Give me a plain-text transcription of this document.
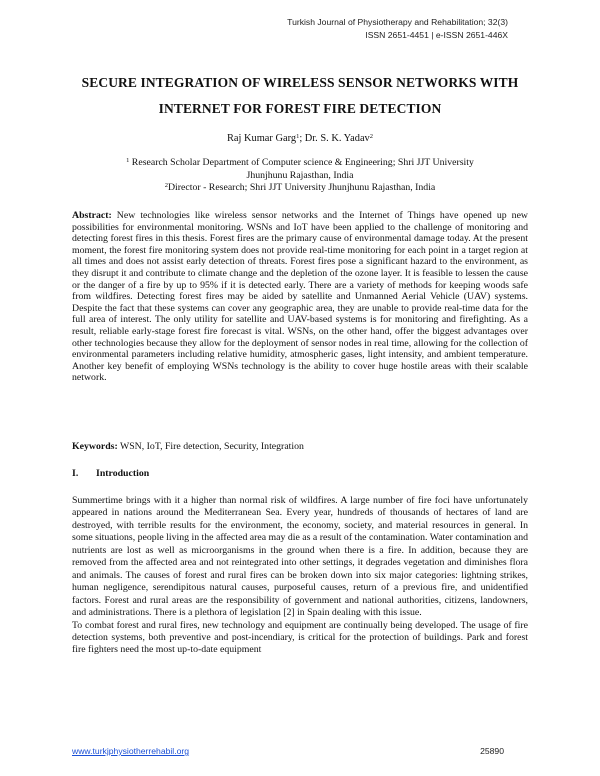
Turkish Journal of Physiotherapy and Rehabilitation; 32(3)
ISSN 2651-4451 | e-ISSN 2651-446X
SECURE INTEGRATION OF WIRELESS SENSOR NETWORKS WITH
INTERNET FOR FOREST FIRE DETECTION
Raj Kumar Garg$^1$; Dr. S. K. Yadav$^2$
$^1$ Research Scholar Department of Computer science & Engineering; Shri JJT University
Jhunjhunu Rajasthan, India
$^2$Director - Research; Shri JJT University Jhunjhunu Rajasthan, India
Abstract: New technologies like wireless sensor networks and the Internet of Things have opened up new possibilities for environmental monitoring. WSNs and IoT have been applied to the challenge of monitoring and detecting forest fires in this thesis. Forest fires are the primary cause of environmental damage today. At the present moment, the forest fire monitoring system does not provide real-time monitoring for each point in a target region at all times and does not assist early detection of threats. Forest fires pose a significant hazard to the environment, as they disrupt it and contribute to climate change and the depletion of the ozone layer. It is feasible to lessen the cause or the danger of a fire by up to 95% if it is detected early. There are a variety of methods for keeping woods safe from wildfires. Detecting forest fires may be aided by satellite and Unmanned Aerial Vehicle (UAV) systems. Despite the fact that these systems can cover any geographic area, they are unable to provide real-time data for the full area of interest. The only utility for satellite and UAV-based systems is for monitoring and firefighting. As a result, reliable early-stage forest fire forecast is vital. WSNs, on the other hand, offer the biggest advantages over other technologies because they allow for the deployment of sensor nodes in real time, allowing for the collection of environmental parameters including relative humidity, atmospheric gases, light intensity, and ambient temperature. Another key benefit of employing WSNs technology is the ability to cover huge hostile areas with their scalable network.
Keywords: WSN, IoT, Fire detection, Security, Integration
I. Introduction

Summertime brings with it a higher than normal risk of wildfires. A large number of fire foci have unfortunately appeared in nations around the Mediterranean Sea. Every year, hundreds of thousands of hectares of land are destroyed, with terrible results for the environment, the economy, society, and material resources in general. In some situations, people living in the affected area may die as a result of the contamination. Water contamination and nutrients are lost as well as microorganisms in the ground when there is a fire. In addition, because they are removed from the affected area and not reintegrated into other settings, it degrades vegetation and diminishes flora and animals. The causes of forest and rural fires can be broken down into six major categories: lightning strikes, human negligence, serendipitous natural causes, purposeful causes, return of a previous fire, and unidentified factors. Forest and rural areas are the responsibility of government and national authorities, citizens, landowners, and administrations. There is a plethora of legislation [2] in Spain dealing with this issue.

To combat forest and rural fires, new technology and equipment are continually being developed. The usage of fire detection systems, both preventive and post-incendiary, is critical for the protection of buildings. Park and forest fire fighters need the most up-to-date equipment

www.turkjphysiotherrehabil.org	25890
